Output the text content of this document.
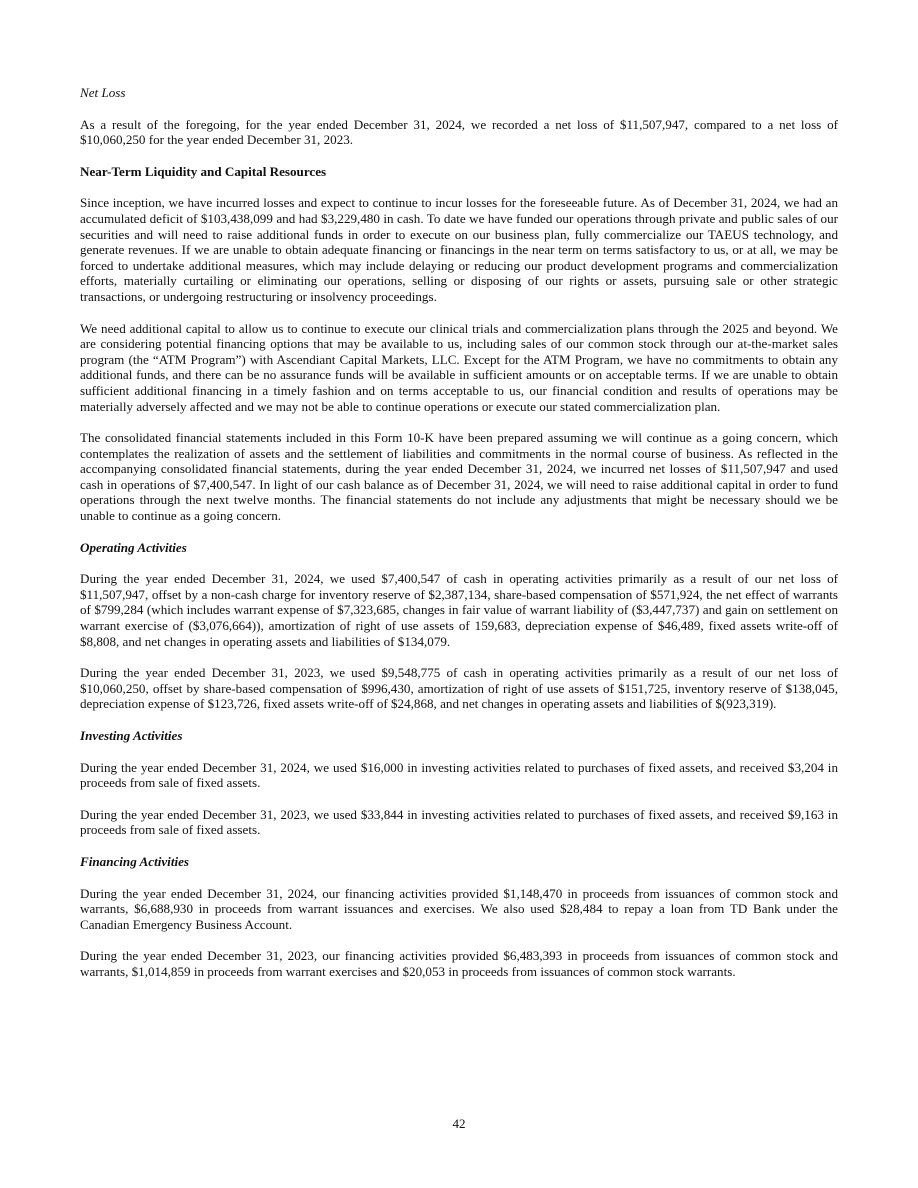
Net Loss

As a result of the foregoing, for the year ended December 31, 2024, we recorded a net loss of $11,507,947, compared to a net loss of $10,060,250 for the year ended December 31, 2023.

Near-Term Liquidity and Capital Resources

Since inception, we have incurred losses and expect to continue to incur losses for the foreseeable future. As of December 31, 2024, we had an accumulated deficit of $103,438,099 and had $3,229,480 in cash. To date we have funded our operations through private and public sales of our securities and will need to raise additional funds in order to execute on our business plan, fully commercialize our TAEUS technology, and generate revenues. If we are unable to obtain adequate financing or financings in the near term on terms satisfactory to us, or at all, we may be forced to undertake additional measures, which may include delaying or reducing our product development programs and commercialization efforts, materially curtailing or eliminating our operations, selling or disposing of our rights or assets, pursuing sale or other strategic transactions, or undergoing restructuring or insolvency proceedings.

We need additional capital to allow us to continue to execute our clinical trials and commercialization plans through the 2025 and beyond. We are considering potential financing options that may be available to us, including sales of our common stock through our at-the-market sales program (the “ATM Program”) with Ascendiant Capital Markets, LLC. Except for the ATM Program, we have no commitments to obtain any additional funds, and there can be no assurance funds will be available in sufficient amounts or on acceptable terms. If we are unable to obtain sufficient additional financing in a timely fashion and on terms acceptable to us, our financial condition and results of operations may be materially adversely affected and we may not be able to continue operations or execute our stated commercialization plan.

The consolidated financial statements included in this Form 10-K have been prepared assuming we will continue as a going concern, which contemplates the realization of assets and the settlement of liabilities and commitments in the normal course of business. As reflected in the accompanying consolidated financial statements, during the year ended December 31, 2024, we incurred net losses of $11,507,947 and used cash in operations of $7,400,547. In light of our cash balance as of December 31, 2024, we will need to raise additional capital in order to fund operations through the next twelve months. The financial statements do not include any adjustments that might be necessary should we be unable to continue as a going concern.

Operating Activities

During the year ended December 31, 2024, we used $7,400,547 of cash in operating activities primarily as a result of our net loss of $11,507,947, offset by a non-cash charge for inventory reserve of $2,387,134, share-based compensation of $571,924, the net effect of warrants of $799,284 (which includes warrant expense of $7,323,685, changes in fair value of warrant liability of ($3,447,737) and gain on settlement on warrant exercise of ($3,076,664)), amortization of right of use assets of 159,683, depreciation expense of $46,489, fixed assets write-off of $8,808, and net changes in operating assets and liabilities of $134,079.

During the year ended December 31, 2023, we used $9,548,775 of cash in operating activities primarily as a result of our net loss of $10,060,250, offset by share-based compensation of $996,430, amortization of right of use assets of $151,725, inventory reserve of $138,045, depreciation expense of $123,726, fixed assets write-off of $24,868, and net changes in operating assets and liabilities of $(923,319).

Investing Activities

During the year ended December 31, 2024, we used $16,000 in investing activities related to purchases of fixed assets, and received $3,204 in proceeds from sale of fixed assets.

During the year ended December 31, 2023, we used $33,844 in investing activities related to purchases of fixed assets, and received $9,163 in proceeds from sale of fixed assets.

Financing Activities

During the year ended December 31, 2024, our financing activities provided $1,148,470 in proceeds from issuances of common stock and warrants, $6,688,930 in proceeds from warrant issuances and exercises. We also used $28,484 to repay a loan from TD Bank under the Canadian Emergency Business Account.

During the year ended December 31, 2023, our financing activities provided $6,483,393 in proceeds from issuances of common stock and warrants, $1,014,859 in proceeds from warrant exercises and $20,053 in proceeds from issuances of common stock warrants.

42
